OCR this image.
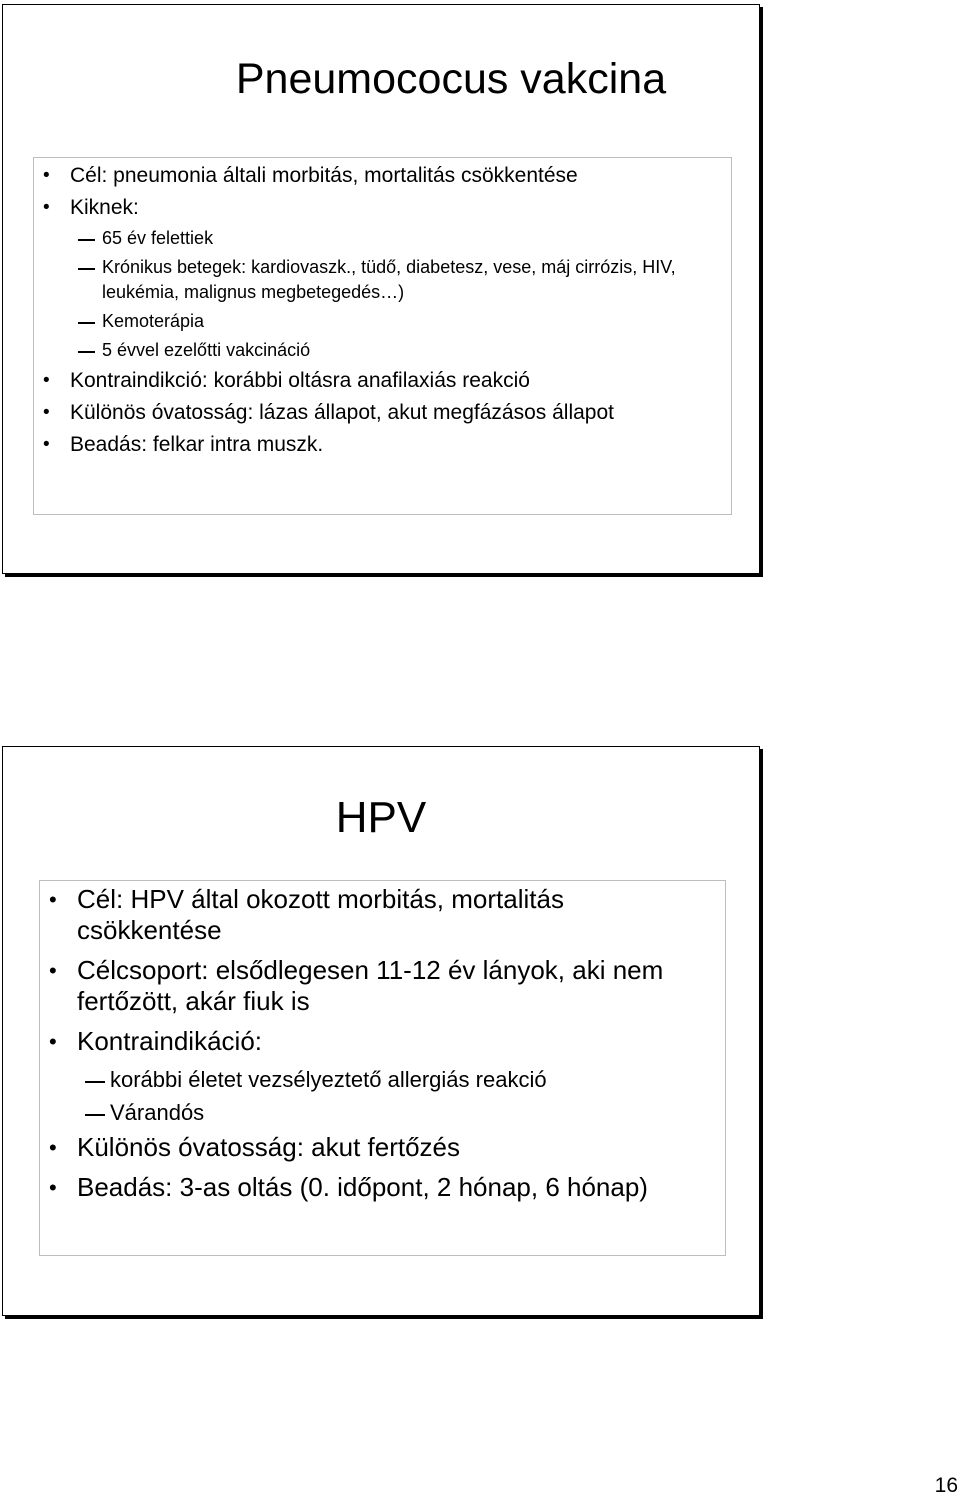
Pneumococus vakcina
• Cél: pneumonia általi morbitás, mortalitás csökkentése
• Kiknek:
65 év felettiek
Krónikus betegek: kardiovaszk., tüdő, diabetesz, vese, máj cirrózis, HIV, leukémia, malignus megbetegedés…)
Kemoterápia
5 évvel ezelőtti vakcináció
• Kontraindikció: korábbi oltásra anafilaxiás reakció
• Különös óvatosság: lázas állapot, akut megfázásos állapot
• Beadás: felkar intra muszk.
HPV
• Cél: HPV által okozott morbitás, mortalitás csökkentése
• Célcsoport: elsődlegesen 11-12 év lányok, aki nem fertőzött, akár fiuk is
• Kontraindikáció:
korábbi életet vezsélyeztető allergiás reakció
Várandós
• Különös óvatosság: akut fertőzés
• Beadás: 3-as oltás (0. időpont, 2 hónap, 6 hónap)
16
